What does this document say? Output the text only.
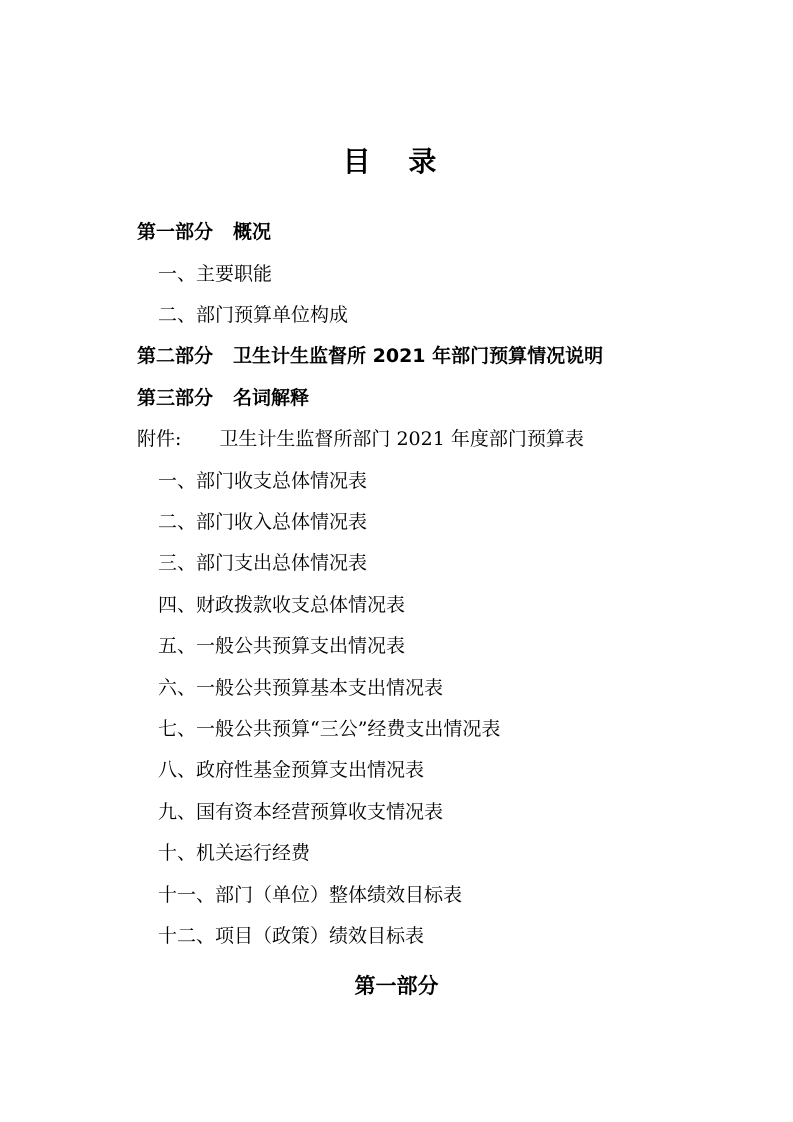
目 录
第一部分 概况
一、主要职能
二、部门预算单位构成
第二部分 卫生计生监督所 2021 年部门预算情况说明
第三部分 名词解释
附件: 卫生计生监督所部门 2021 年度部门预算表
一、部门收支总体情况表
二、部门收入总体情况表
三、部门支出总体情况表
四、财政拨款收支总体情况表
五、一般公共预算支出情况表
六、一般公共预算基本支出情况表
七、一般公共预算“三公”经费支出情况表
八、政府性基金预算支出情况表
九、国有资本经营预算收支情况表
十、机关运行经费
十一、部门（单位）整体绩效目标表
十二、项目（政策）绩效目标表
第一部分
